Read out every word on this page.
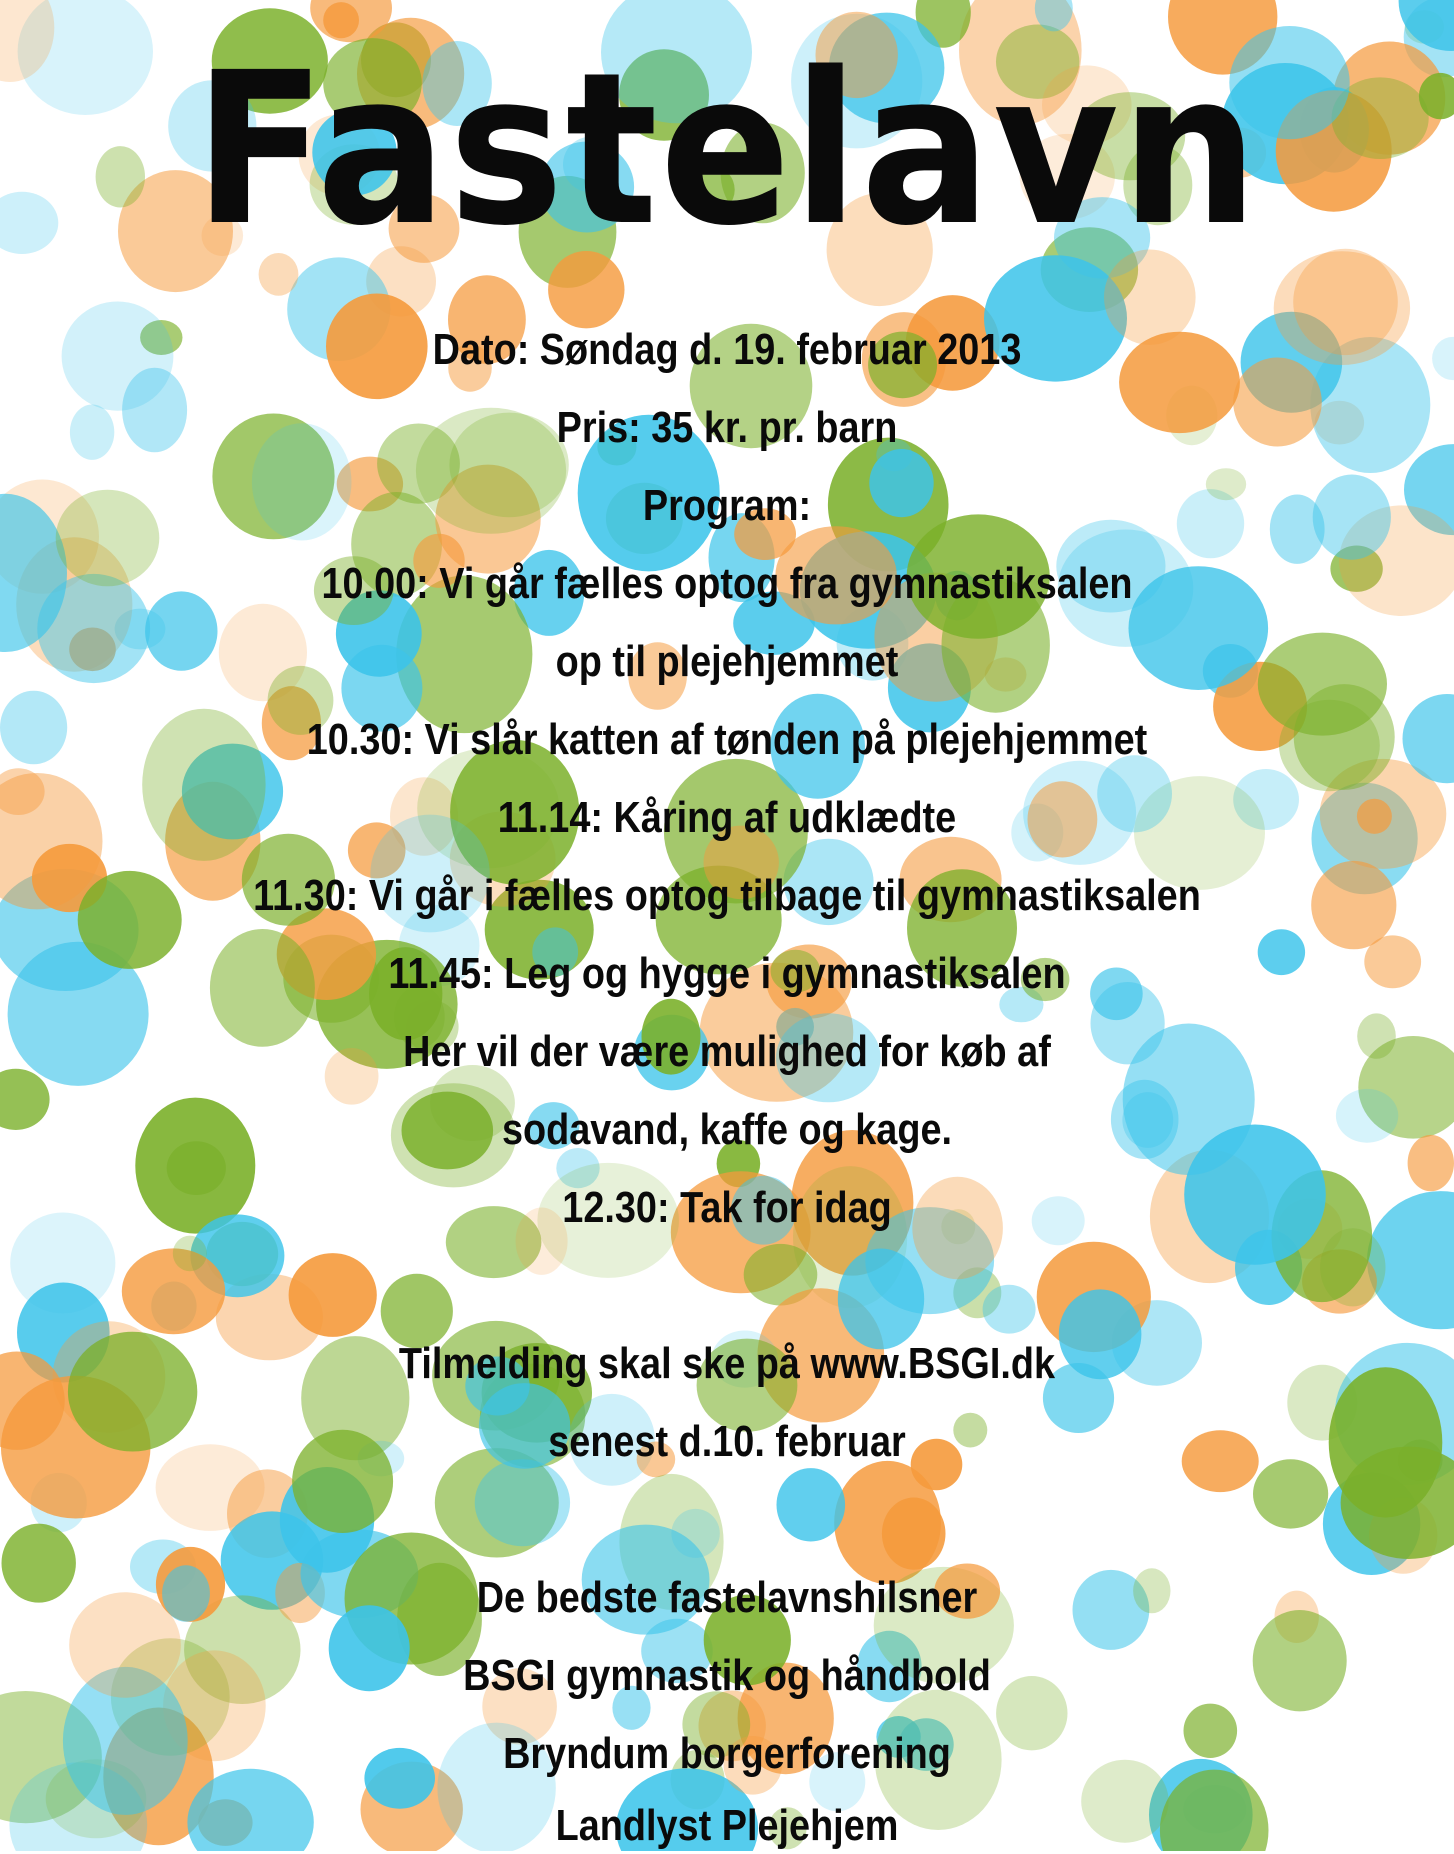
Fastelavn
Dato: Søndag d. 19. februar 2013
Pris: 35 kr. pr. barn
Program:
10.00: Vi går fælles optog fra gymnastiksalen
op til plejehjemmet
10.30: Vi slår katten af tønden på plejehjemmet
11.14: Kåring af udklædte
11.30: Vi går i fælles optog tilbage til gymnastiksalen
11.45: Leg og hygge i gymnastiksalen
Her vil der være mulighed for køb af
sodavand, kaffe og kage.
12.30: Tak for idag
Tilmelding skal ske på www.BSGI.dk
senest d.10. februar
De bedste fastelavnshilsner
BSGI gymnastik og håndbold
Bryndum borgerforening
Landlyst Plejehjem
